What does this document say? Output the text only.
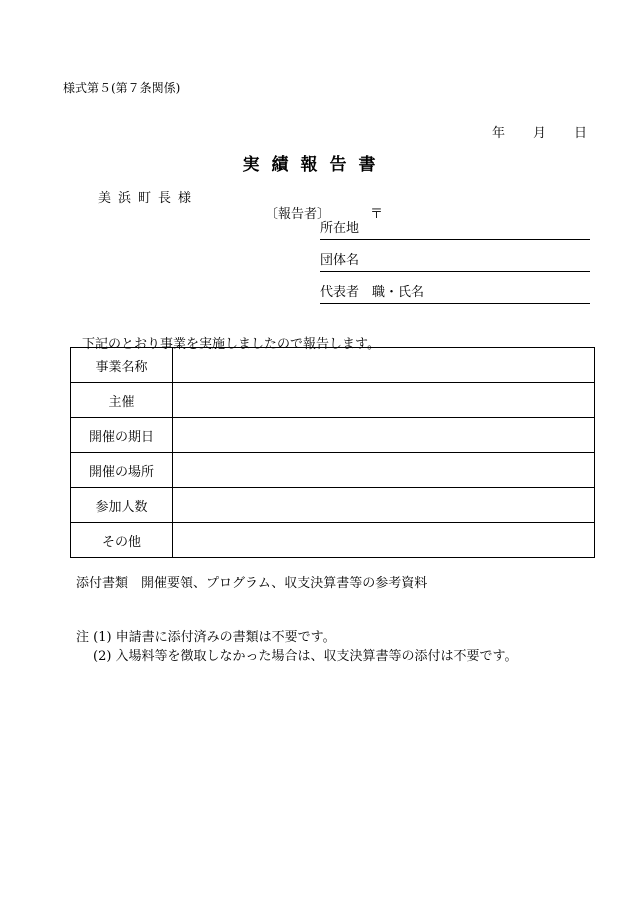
様式第５(第７条関係)
年 月 日
実績報告書
美浜町長様
〔報告者〕	〒
所在地
団体名
代表者　職・氏名
下記のとおり事業を実施しましたので報告します。
事業名称	
主催	
開催の期日	
開催の場所	
参加人数	
その他	
添付書類　開催要領、プログラム、収支決算書等の参考資料
注 (1) 申請書に添付済みの書類は不要です。
(2) 入場料等を徴取しなかった場合は、収支決算書等の添付は不要です。
